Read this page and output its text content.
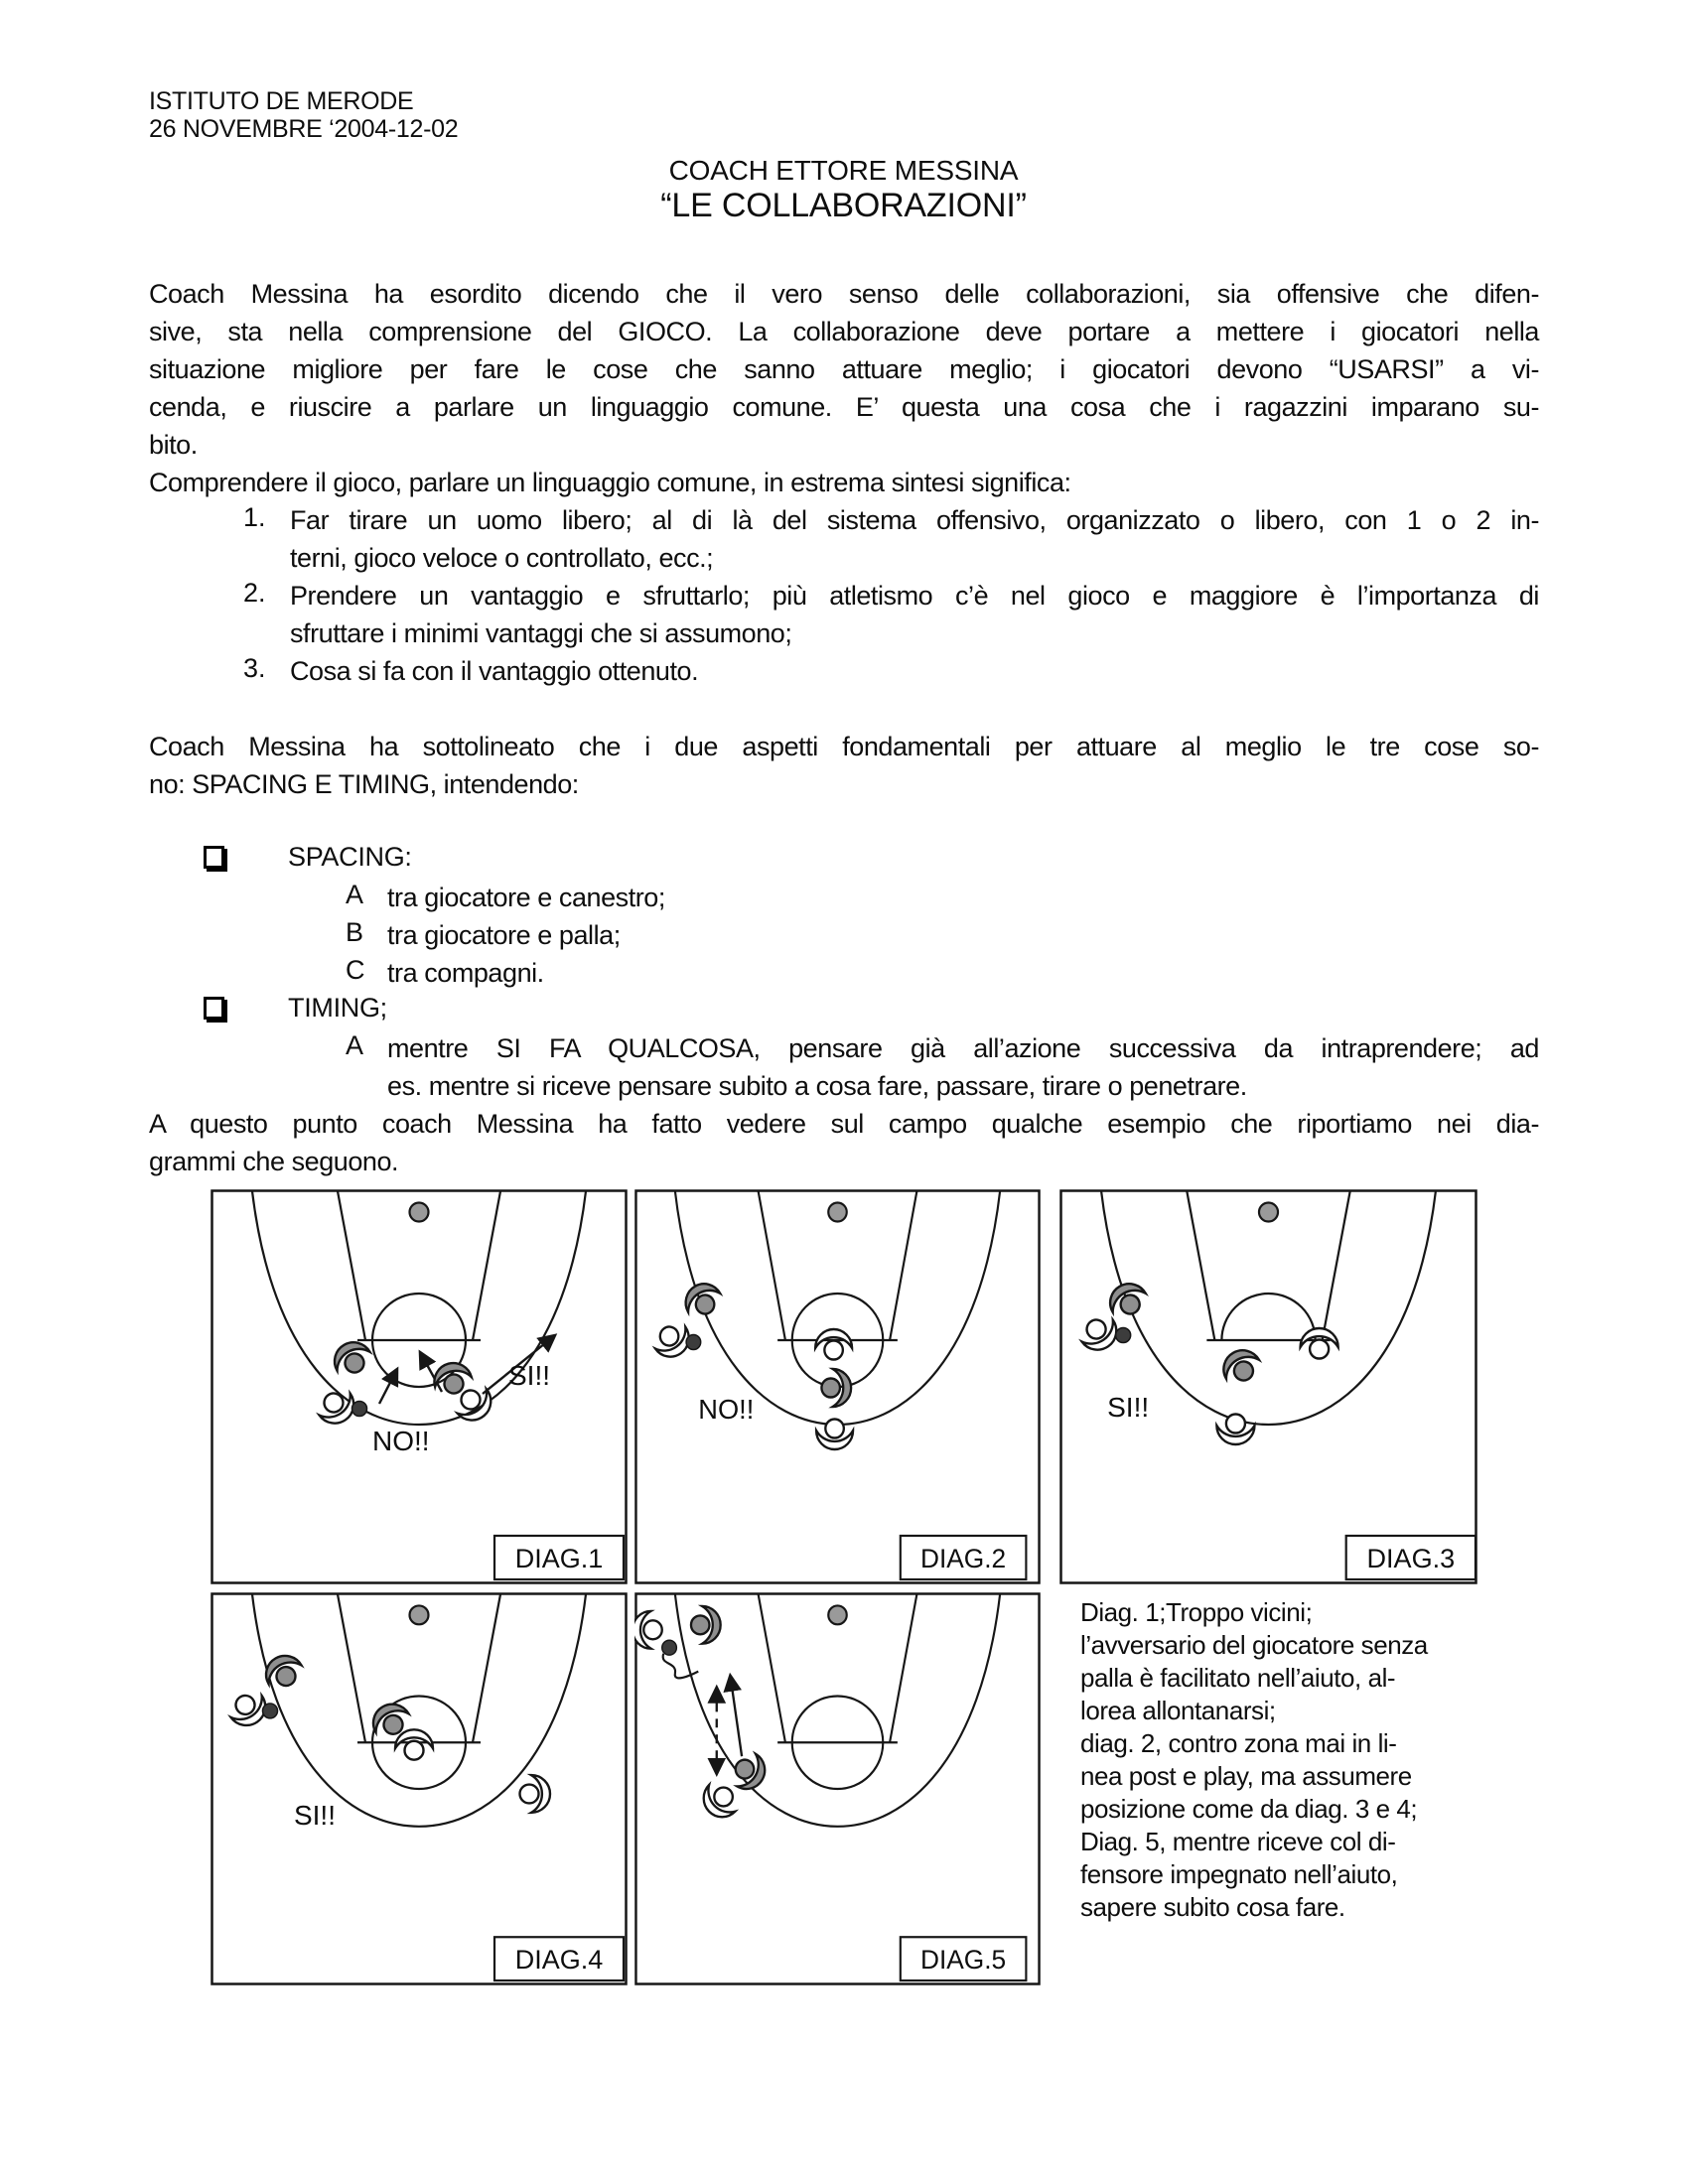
ISTITUTO DE MERODE
26 NOVEMBRE ‘2004-12-02
COACH ETTORE MESSINA
“LE COLLABORAZIONI”
Coach Messina ha esordito dicendo che il vero senso delle collaborazioni, sia offensive che difen-
sive, sta nella comprensione del GIOCO. La collaborazione deve portare a mettere i giocatori nella
situazione migliore per fare le cose che sanno attuare meglio; i giocatori devono “USARSI” a vi-
cenda, e riuscire a parlare un linguaggio comune. E’ questa una cosa che i ragazzini imparano su-
bito.
Comprendere il gioco, parlare un linguaggio comune, in estrema sintesi significa:
1. Far tirare un uomo libero; al di là del sistema offensivo, organizzato o libero, con 1 o 2 in-
terni, gioco veloce o controllato, ecc.;
2. Prendere un vantaggio e sfruttarlo; più atletismo c’è nel gioco e maggiore è l’importanza di
sfruttare i minimi vantaggi che si assumono;
3. Cosa si fa con il vantaggio ottenuto.
Coach Messina ha sottolineato che i due aspetti fondamentali per attuare al meglio le tre cose so-
no: SPACING E TIMING, intendendo:
SPACING:
A tra giocatore e canestro;
B tra giocatore e palla;
C tra compagni.
TIMING;
A mentre SI FA QUALCOSA, pensare già all’azione successiva da intraprendere; ad
es. mentre si riceve pensare subito a cosa fare, passare, tirare o penetrare.
A questo punto coach Messina ha fatto vedere sul campo qualche esempio che riportiamo nei dia-
grammi che seguono.
SI!!
NO!!
DIAG.1
NO!!
DIAG.2
SI!!
DIAG.3
SI!!
DIAG.4	DIAG.5
Diag. 1;Troppo vicini;
l’avversario del giocatore senza
palla è facilitato nell’aiuto, al-
lorea allontanarsi;
diag. 2, contro zona mai in li-
nea post e play, ma assumere
posizione come da diag. 3 e 4;
Diag. 5, mentre riceve col di-
fensore impegnato nell’aiuto,
sapere subito cosa fare.
